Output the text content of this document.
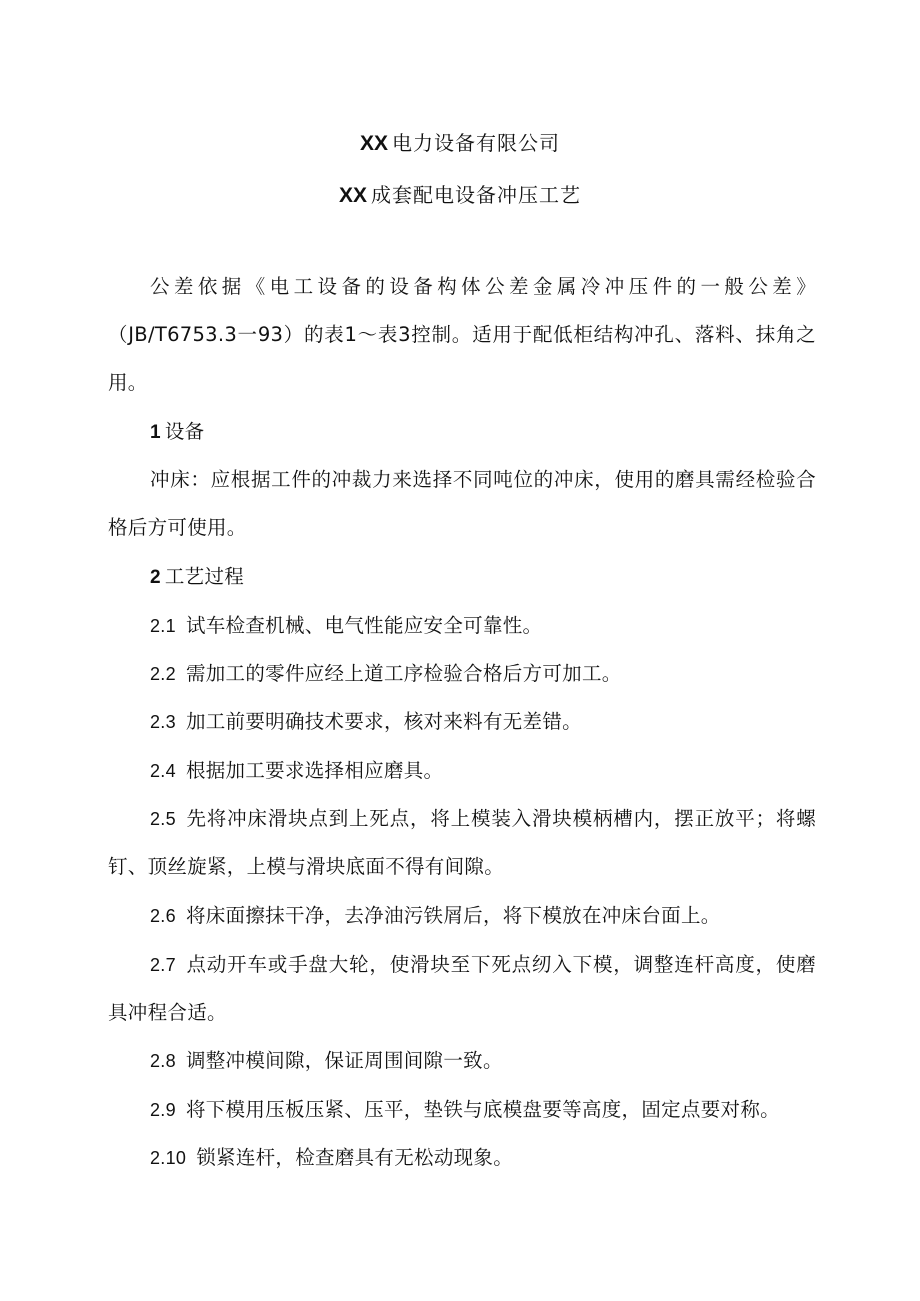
XX 电力设备有限公司
XX 成套配电设备冲压工艺

公差依据《电工设备的设备构体公差金属冷冲压件的一般公差》（JB/T6753.3一93）的表1～表3控制。适用于配低柜结构冲孔、落料、抹角之用。

1 设备

冲床：应根据工件的冲裁力来选择不同吨位的冲床，使用的磨具需经检验合格后方可使用。

2 工艺过程

2.1 试车检查机械、电气性能应安全可靠性。

2.2 需加工的零件应经上道工序检验合格后方可加工。

2.3 加工前要明确技术要求，核对来料有无差错。

2.4 根据加工要求选择相应磨具。

2.5 先将冲床滑块点到上死点，将上模装入滑块模柄槽内，摆正放平；将螺钉、顶丝旋紧，上模与滑块底面不得有间隙。

2.6 将床面擦抹干净，去净油污铁屑后，将下模放在冲床台面上。

2.7 点动开车或手盘大轮，使滑块至下死点纫入下模，调整连杆高度，使磨具冲程合适。

2.8 调整冲模间隙，保证周围间隙一致。

2.9 将下模用压板压紧、压平，垫铁与底模盘要等高度，固定点要对称。

2.10 锁紧连杆，检查磨具有无松动现象。
